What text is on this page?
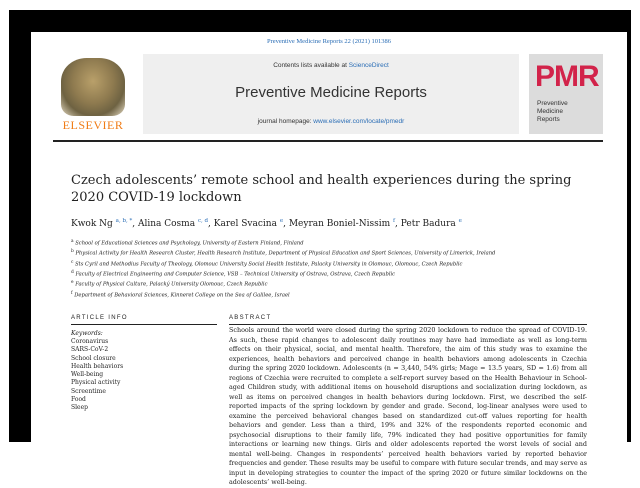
Preventive Medicine Reports 22 (2021) 101386
ELSEVIER
Contents lists available at ScienceDirect
Preventive Medicine Reports
journal homepage: www.elsevier.com/locate/pmedr
PMR
Preventive
Medicine
Reports
Czech adolescents’ remote school and health experiences during the spring 2020 COVID-19 lockdown
Kwok Ng $^{a, b, *}$, Alina Cosma $^{c, d}$, Karel Svacina $^e$, Meyran Boniel-Nissim $^f$, Petr Badura $^e$
$^a$ School of Educational Sciences and Psychology, University of Eastern Finland, Finland
$^b$ Physical Activity for Health Research Cluster, Health Research Institute, Department of Physical Education and Sport Sciences, University of Limerick, Ireland
$^c$ Sts Cyril and Methodius Faculty of Theology, Olomouc University Social Health Institute, Palacky University in Olomouc, Olomouc, Czech Republic
$^d$ Faculty of Electrical Engineering and Computer Science, VSB – Technical University of Ostrava, Ostrava, Czech Republic
$^e$ Faculty of Physical Culture, Palacký University Olomouc, Czech Republic
$^f$ Department of Behavioral Sciences, Kinneret College on the Sea of Galilee, Israel
ARTICLE INFO	ABSTRACT
Keywords:
Coronavirus
SARS-CoV-2
School closure
Health behaviors
Well-being
Physical activity
Screentime
Food
Sleep
Schools around the world were closed during the spring 2020 lockdown to reduce the spread of COVID-19. As such, these rapid changes to adolescent daily routines may have had immediate as well as long-term effects on their physical, social, and mental health. Therefore, the aim of this study was to examine the experiences, health behaviors and perceived change in health behaviors among adolescents in Czechia during the spring 2020 lockdown. Adolescents (n = 3,440, 54% girls; Mage = 13.5 years, SD = 1.6) from all regions of Czechia were recruited to complete a self-report survey based on the Health Behaviour in School-aged Children study, with additional items on household disruptions and socialization during lockdown, as well as items on perceived changes in health behaviors during lockdown. First, we described the self-reported impacts of the spring lockdown by gender and grade. Second, log-linear analyses were used to examine the perceived behavioral changes based on standardized cut-off values reporting for health behaviors and gender. Less than a third, 19% and 32% of the respondents reported economic and psychosocial disruptions to their family life, 79% indicated they had positive opportunities for family interactions or learning new things. Girls and older adolescents reported the worst levels of social and mental well-being. Changes in respondents’ perceived health behaviors varied by reported behavior frequencies and gender. These results may be useful to compare with future secular trends, and may serve as input in developing strategies to counter the impact of the spring 2020 or future similar lockdowns on the adolescents’ well-being.
